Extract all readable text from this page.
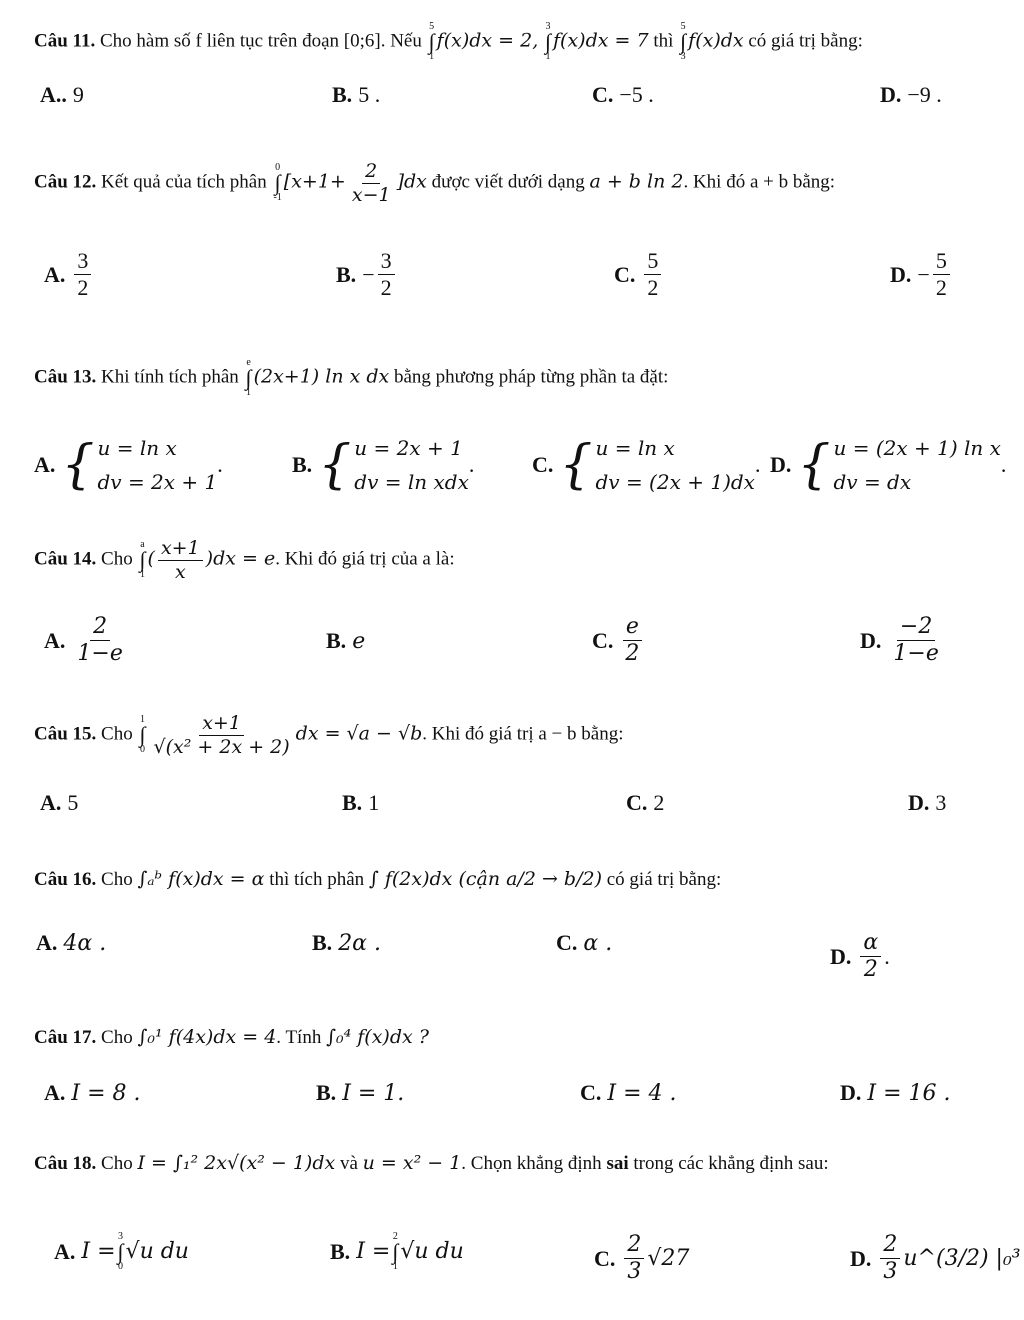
Câu 11. Cho hàm số f liên tục trên đoạn [0;6]. Nếu
5
∫
1
f(x)dx = 2,
3
∫
1
f(x)dx = 7 thì
5
∫
3
f(x)dx có giá trị bằng:
A.. 9	B. 5 .	C. −5 .	D. −9 .
Câu 12. Kết quả của tích phân
0
∫
-1
$[x+1+ \frac{2}{x-1} ]dx$ được viết dưới dạng a + b ln 2. Khi đó a + b bằng:
A. $\frac{3}{2}$	B. − $\frac{3}{2}$	C. $\frac{5}{2}$	D. − $\frac{5}{2}$
Câu 13. Khi tính tích phân
e
∫
1
(2x+1) ln x dx bằng phương pháp từng phần ta đặt:
A. { u = ln x
dv = 2x + 1
.	B. { u = 2x + 1
dv = ln xdx
.	C. { u = ln x
dv = (2x + 1)dx
. D. { u = (2x + 1) ln x
dv = dx
.
Câu 14. Cho
a
∫
1
( $\frac{x+1}{x} )dx = e$. Khi đó giá trị của a là:
A. $\frac{2}{1-e}$	B. e	C. $\frac{e}{2}$	D. $\frac{-2}{1-e}$
Câu 15. Cho
1
∫
$0 \frac{x+1}{\text{√(x² + 2x + 2)}}$ dx = √a − √b. Khi đó giá trị a − b bằng:
A. 5	B. 1	C. 2	D. 3
Câu 16. Cho ∫ₐᵇ f(x)dx = α thì tích phân ∫ f(2x)dx (cận a/2 → b/2) có giá trị bằng:
A. 4α .	B. 2α .	C. α .
D. $\frac{\alpha}{2}$ .
Câu 17. Cho ∫₀¹ f(4x)dx = 4. Tính ∫₀⁴ f(x)dx ?
A. I = 8 .	B. I = 1.	C. I = 4 .	D. I = 16 .
Câu 18. Cho I = ∫₁² 2x√(x² − 1)dx và u = x² − 1. Chọn khẳng định sai trong các khẳng định sau:
A. I =
3
∫
0
√u du	B. I =
2
∫
1
√u du	C. $\frac{2}{3} √27$	D. $\frac{2}{3}$ u^(3/2) |₀³
